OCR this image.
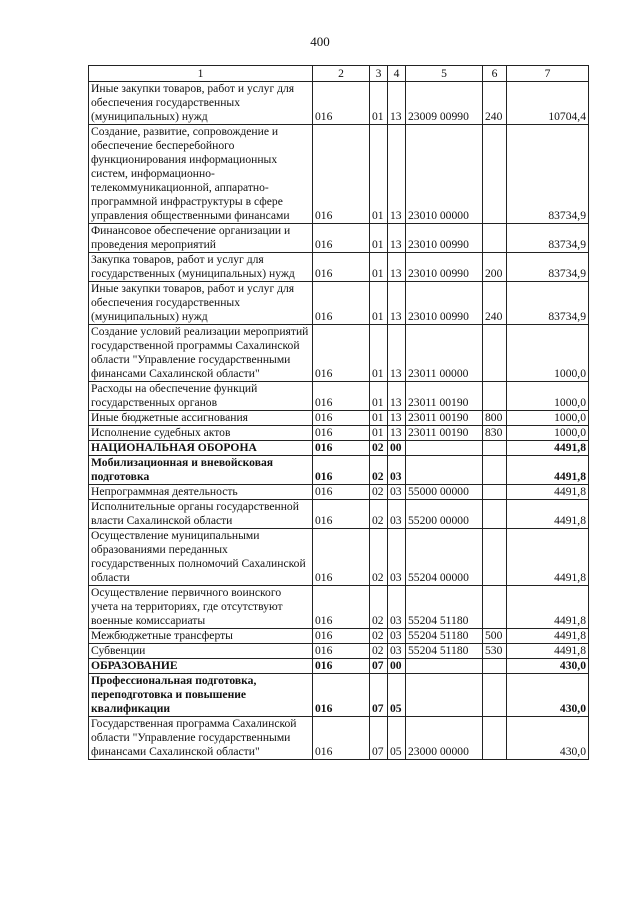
400
1	2	3	4	5	6	7
Иные закупки товаров, работ и услуг для обеспечения государственных (муниципальных) нужд	016	01	13	23009 00990	240	10704,4
Создание, развитие, сопровождение и обеспечение бесперебойного функционирования информационных систем, информационно-телекоммуникационной, аппаратно-программной инфраструктуры в сфере управления общественными финансами	016	01	13	23010 00000		83734,9
Финансовое обеспечение организации и проведения мероприятий	016	01	13	23010 00990		83734,9
Закупка товаров, работ и услуг для государственных (муниципальных) нужд	016	01	13	23010 00990	200	83734,9
Иные закупки товаров, работ и услуг для обеспечения государственных (муниципальных) нужд	016	01	13	23010 00990	240	83734,9
Создание условий реализации мероприятий государственной программы Сахалинской области "Управление государственными финансами Сахалинской области"	016	01	13	23011 00000		1000,0
Расходы на обеспечение функций государственных органов	016	01	13	23011 00190		1000,0
Иные бюджетные ассигнования	016	01	13	23011 00190	800	1000,0
Исполнение судебных актов	016	01	13	23011 00190	830	1000,0
НАЦИОНАЛЬНАЯ ОБОРОНА	016	02	00			4491,8
Мобилизационная и вневойсковая подготовка	016	02	03			4491,8
Непрограммная деятельность	016	02	03	55000 00000		4491,8
Исполнительные органы государственной власти Сахалинской области	016	02	03	55200 00000		4491,8
Осуществление муниципальными образованиями переданных государственных полномочий Сахалинской области	016	02	03	55204 00000		4491,8
Осуществление первичного воинского учета на территориях, где отсутствуют военные комиссариаты	016	02	03	55204 51180		4491,8
Межбюджетные трансферты	016	02	03	55204 51180	500	4491,8
Субвенции	016	02	03	55204 51180	530	4491,8
ОБРАЗОВАНИЕ	016	07	00			430,0
Профессиональная подготовка, переподготовка и повышение квалификации	016	07	05			430,0
Государственная программа Сахалинской области "Управление государственными финансами Сахалинской области"	016	07	05	23000 00000		430,0
